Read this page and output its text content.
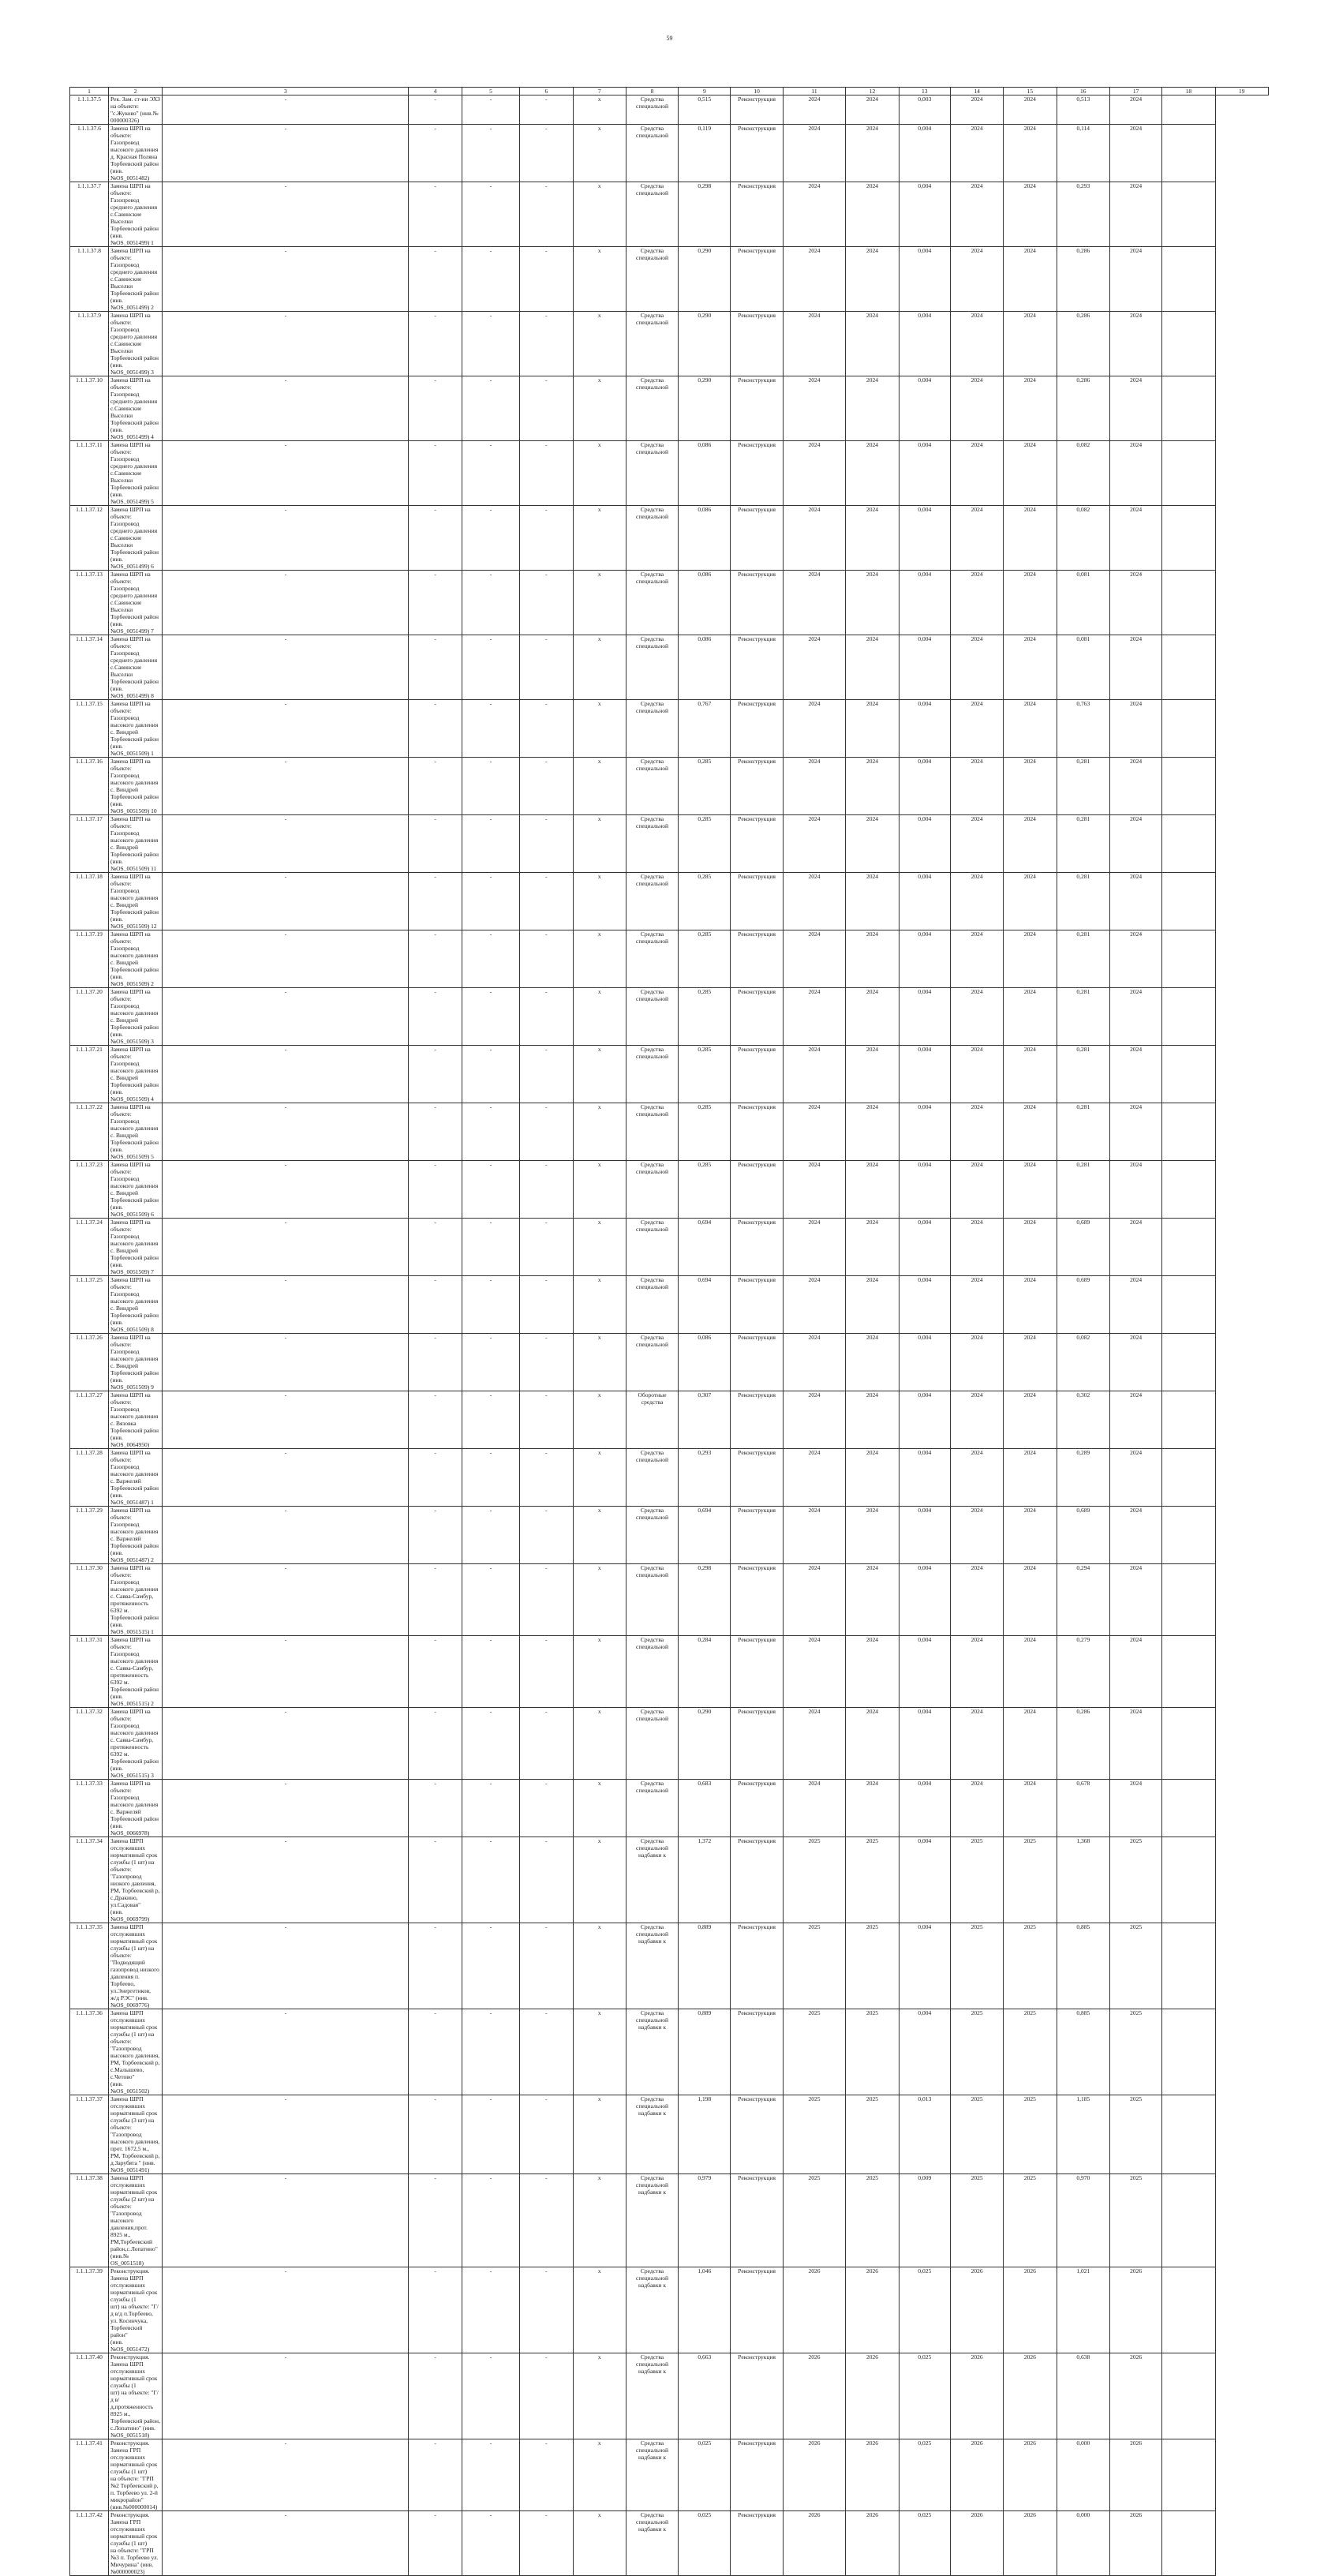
59
1	2	3	4	5	6	7	8	9	10	11	12	13	14	15	16	17	18	19
1.1.1.37.5	Рек. Зам. ст-ии ЭХЗ на объекте: "с.Жуково" (инв.№ 000000326)	-	-	-	-	x	Средства специальной	0,515	Реконструкция	2024	2024	0,003	2024	2024	0,513	2024		
1.1.1.37.6	Замена ШРП на объекте: Газопровод высокого давления д. Красная Поляна
Торбеевский район (инв.№OS_0051482)	-	-	-	-	x	Средства специальной	0,119	Реконструкция	2024	2024	0,004	2024	2024	0,114	2024		
1.1.1.37.7	Замена ШРП на объекте: Газопровод среднего давления с.Савинские
Выселки Торбеевский район (инв.№OS_0051499) 1	-	-	-	-	x	Средства специальной	0,298	Реконструкция	2024	2024	0,004	2024	2024	0,293	2024		
1.1.1.37.8	Замена ШРП на объекте: Газопровод среднего давления с.Савинские
Выселки Торбеевский район (инв.№OS_0051499) 2	-	-	-	-	x	Средства специальной	0,290	Реконструкция	2024	2024	0,004	2024	2024	0,286	2024		
1.1.1.37.9	Замена ШРП на объекте: Газопровод среднего давления с.Савинские
Выселки Торбеевский район (инв.№OS_0051499) 3	-	-	-	-	x	Средства специальной	0,290	Реконструкция	2024	2024	0,004	2024	2024	0,286	2024		
1.1.1.37.10	Замена ШРП на объекте: Газопровод среднего давления с.Савинские
Выселки Торбеевский район (инв.№OS_0051499) 4	-	-	-	-	x	Средства специальной	0,290	Реконструкция	2024	2024	0,004	2024	2024	0,286	2024		
1.1.1.37.11	Замена ШРП на объекте: Газопровод среднего давления с.Савинские
Выселки Торбеевский район (инв.№OS_0051499) 5	-	-	-	-	x	Средства специальной	0,086	Реконструкция	2024	2024	0,004	2024	2024	0,082	2024		
1.1.1.37.12	Замена ШРП на объекте: Газопровод среднего давления с.Савинские
Выселки Торбеевский район (инв.№OS_0051499) 6	-	-	-	-	x	Средства специальной	0,086	Реконструкция	2024	2024	0,004	2024	2024	0,082	2024		
1.1.1.37.13	Замена ШРП на объекте: Газопровод среднего давления с.Савинские
Выселки Торбеевский район (инв.№OS_0051499) 7	-	-	-	-	x	Средства специальной	0,086	Реконструкция	2024	2024	0,004	2024	2024	0,081	2024		
1.1.1.37.14	Замена ШРП на объекте: Газопровод среднего давления с.Савинские
Выселки Торбеевский район (инв.№OS_0051499) 8	-	-	-	-	x	Средства специальной	0,086	Реконструкция	2024	2024	0,004	2024	2024	0,081	2024		
1.1.1.37.15	Замена ШРП на объекте: Газопровод высокого давления с. Виндрей
Торбеевский район (инв.№OS_0051509) 1	-	-	-	-	x	Средства специальной	0,767	Реконструкция	2024	2024	0,004	2024	2024	0,763	2024		
1.1.1.37.16	Замена ШРП на объекте: Газопровод высокого давления с. Виндрей
Торбеевский район (инв.№OS_0051509) 10	-	-	-	-	x	Средства специальной	0,285	Реконструкция	2024	2024	0,004	2024	2024	0,281	2024		
1.1.1.37.17	Замена ШРП на объекте: Газопровод высокого давления с. Виндрей
Торбеевский район (инв.№OS_0051509) 11	-	-	-	-	x	Средства специальной	0,285	Реконструкция	2024	2024	0,004	2024	2024	0,281	2024		
1.1.1.37.18	Замена ШРП на объекте: Газопровод высокого давления с. Виндрей
Торбеевский район (инв.№OS_0051509) 12	-	-	-	-	x	Средства специальной	0,285	Реконструкция	2024	2024	0,004	2024	2024	0,281	2024		
1.1.1.37.19	Замена ШРП на объекте: Газопровод высокого давления с. Виндрей
Торбеевский район (инв.№OS_0051509) 2	-	-	-	-	x	Средства специальной	0,285	Реконструкция	2024	2024	0,004	2024	2024	0,281	2024		
1.1.1.37.20	Замена ШРП на объекте: Газопровод высокого давления с. Виндрей
Торбеевский район (инв.№OS_0051509) 3	-	-	-	-	x	Средства специальной	0,285	Реконструкция	2024	2024	0,004	2024	2024	0,281	2024		
1.1.1.37.21	Замена ШРП на объекте: Газопровод высокого давления с. Виндрей
Торбеевский район (инв.№OS_0051509) 4	-	-	-	-	x	Средства специальной	0,285	Реконструкция	2024	2024	0,004	2024	2024	0,281	2024		
1.1.1.37.22	Замена ШРП на объекте: Газопровод высокого давления с. Виндрей
Торбеевский район (инв.№OS_0051509) 5	-	-	-	-	x	Средства специальной	0,285	Реконструкция	2024	2024	0,004	2024	2024	0,281	2024		
1.1.1.37.23	Замена ШРП на объекте: Газопровод высокого давления с. Виндрей
Торбеевский район (инв.№OS_0051509) 6	-	-	-	-	x	Средства специальной	0,285	Реконструкция	2024	2024	0,004	2024	2024	0,281	2024		
1.1.1.37.24	Замена ШРП на объекте: Газопровод высокого давления с. Виндрей
Торбеевский район (инв.№OS_0051509) 7	-	-	-	-	x	Средства специальной	0,694	Реконструкция	2024	2024	0,004	2024	2024	0,689	2024		
1.1.1.37.25	Замена ШРП на объекте: Газопровод высокого давления с. Виндрей
Торбеевский район (инв.№OS_0051509) 8	-	-	-	-	x	Средства специальной	0,694	Реконструкция	2024	2024	0,004	2024	2024	0,689	2024		
1.1.1.37.26	Замена ШРП на объекте: Газопровод высокого давления с. Виндрей
Торбеевский район (инв.№OS_0051509) 9	-	-	-	-	x	Средства специальной	0,086	Реконструкция	2024	2024	0,004	2024	2024	0,082	2024		
1.1.1.37.27	Замена ШРП на объекте: Газопровод высокого давления с. Вязовка
Торбеевский район (инв.№OS_0064950)	-	-	-	-	x	Оборотные средства	0,307	Реконструкция	2024	2024	0,004	2024	2024	0,302	2024		
1.1.1.37.28	Замена ШРП на объекте: Газопровод высокого давления с. Варжеляй
Торбеевский район (инв.№OS_0051487) 1	-	-	-	-	x	Средства специальной	0,293	Реконструкция	2024	2024	0,004	2024	2024	0,289	2024		
1.1.1.37.29	Замена ШРП на объекте: Газопровод высокого давления с. Варжеляй
Торбеевский район (инв.№OS_0051487) 2	-	-	-	-	x	Средства специальной	0,694	Реконструкция	2024	2024	0,004	2024	2024	0,689	2024		
1.1.1.37.30	Замена ШРП на объекте: Газопровод высокого давления с. Савва-Самбур,
протяженность 6392 м. Торбеевский район (инв.№OS_0051515) 1	-	-	-	-	x	Средства специальной	0,298	Реконструкция	2024	2024	0,004	2024	2024	0,294	2024		
1.1.1.37.31	Замена ШРП на объекте: Газопровод высокого давления с. Савва-Самбур,
протяженность 6392 м. Торбеевский район (инв.№OS_0051515) 2	-	-	-	-	x	Средства специальной	0,284	Реконструкция	2024	2024	0,004	2024	2024	0,279	2024		
1.1.1.37.32	Замена ШРП на объекте: Газопровод высокого давления с. Савва-Самбур,
протяженность 6392 м. Торбеевский район (инв.№OS_0051515) 3	-	-	-	-	x	Средства специальной	0,290	Реконструкция	2024	2024	0,004	2024	2024	0,286	2024		
1.1.1.37.33	Замена ШРП на объекте: Газопровод высокого давления с. Варжеляй
Торбеевский район (инв.№OS_0066978)	-	-	-	-	x	Средства специальной	0,683	Реконструкция	2024	2024	0,004	2024	2024	0,678	2024		
1.1.1.37.34	Замена ШРП отслуживших нормативный срок службы (1 шт) на объекте:
"Газопровод низкого давления, РМ, Торбеевский р, с.Дракино, ул.Садовая"
(инв.№OS_0069799)	-	-	-	-	x	Средства специальной надбавки к	1,372	Реконструкция	2025	2025	0,004	2025	2025	1,368	2025		
1.1.1.37.35	Замена ШРП отслуживших нормативный срок службы (1 шт) на объекте:
"Подводящий газопровод низкого давления п. Торбеево, ул.Энергетиков,
ж/д РЭС" (инв.№OS_0069776)	-	-	-	-	x	Средства специальной надбавки к	0,889	Реконструкция	2025	2025	0,004	2025	2025	0,885	2025		
1.1.1.37.36	Замена ШРП отслуживших нормативный срок службы (1 шт) на объекте:
"Газопровод высокого давления, РМ, Торбеевский р, с.Малышево, с.Четово"
(инв.№OS_0051502)	-	-	-	-	x	Средства специальной надбавки к	0,889	Реконструкция	2025	2025	0,004	2025	2025	0,885	2025		
1.1.1.37.37	Замена ШРП отслуживших нормативный срок службы (3 шт) на объекте:
"Газопровод высокого давления, прот. 1672,5 м., РМ, Торбеевский р,
д.Зарубята " (инв.№OS_0051491)	-	-	-	-	x	Средства специальной надбавки к	1,198	Реконструкция	2025	2025	0,013	2025	2025	1,185	2025		
1.1.1.37.38	Замена ШРП отслуживших нормативный срок службы (2 шт) на объекте:
"Газопровод высокого давления,прот. 8925 м., РМ,Торбеевский
район,с.Лопатино" (инв.№ OS_0051518)	-	-	-	-	x	Средства специальной надбавки к	0,979	Реконструкция	2025	2025	0,009	2025	2025	0,970	2025		
1.1.1.37.39	Реконструкция. Замена ШРП отслуживших нормативный срок службы (1
шт) на объекте: "Г/д в/д п.Торбеево, ул. Косинчука, Торбеевский район"
(инв.№OS_0051472)	-	-	-	-	x	Средства специальной надбавки к	1,046	Реконструкция	2026	2026	0,025	2026	2026	1,021	2026		
1.1.1.37.40	Реконструкция. Замена ШРП отслуживших нормативный срок службы (1
шт) на объекте: "Г/д в/д,протяженность 8925 м., Торбеевский район,
с.Лопатино" (инв.№OS_0051518)	-	-	-	-	x	Средства специальной надбавки к	0,663	Реконструкция	2026	2026	0,025	2026	2026	0,638	2026		
1.1.1.37.41	Реконструкция. Замена ГРП отслуживших нормативный срок службы (1 шт)
на объекте: "ГРП №2 Торбеевский р, п. Торбеево ул. 2-й микрорайон"
(инв.№000000014)	-	-	-	-	x	Средства специальной надбавки к	0,025	Реконструкция	2026	2026	0,025	2026	2026	0,000	2026		
1.1.1.37.42	Реконструкция. Замена ГРП отслуживших нормативный срок службы (1 шт)
на объекте: "ГРП №3 п. Торбеево ул. Мичурина" (инв.№000000023)	-	-	-	-	x	Средства специальной надбавки к	0,025	Реконструкция	2026	2026	0,025	2026	2026	0,000	2026		
